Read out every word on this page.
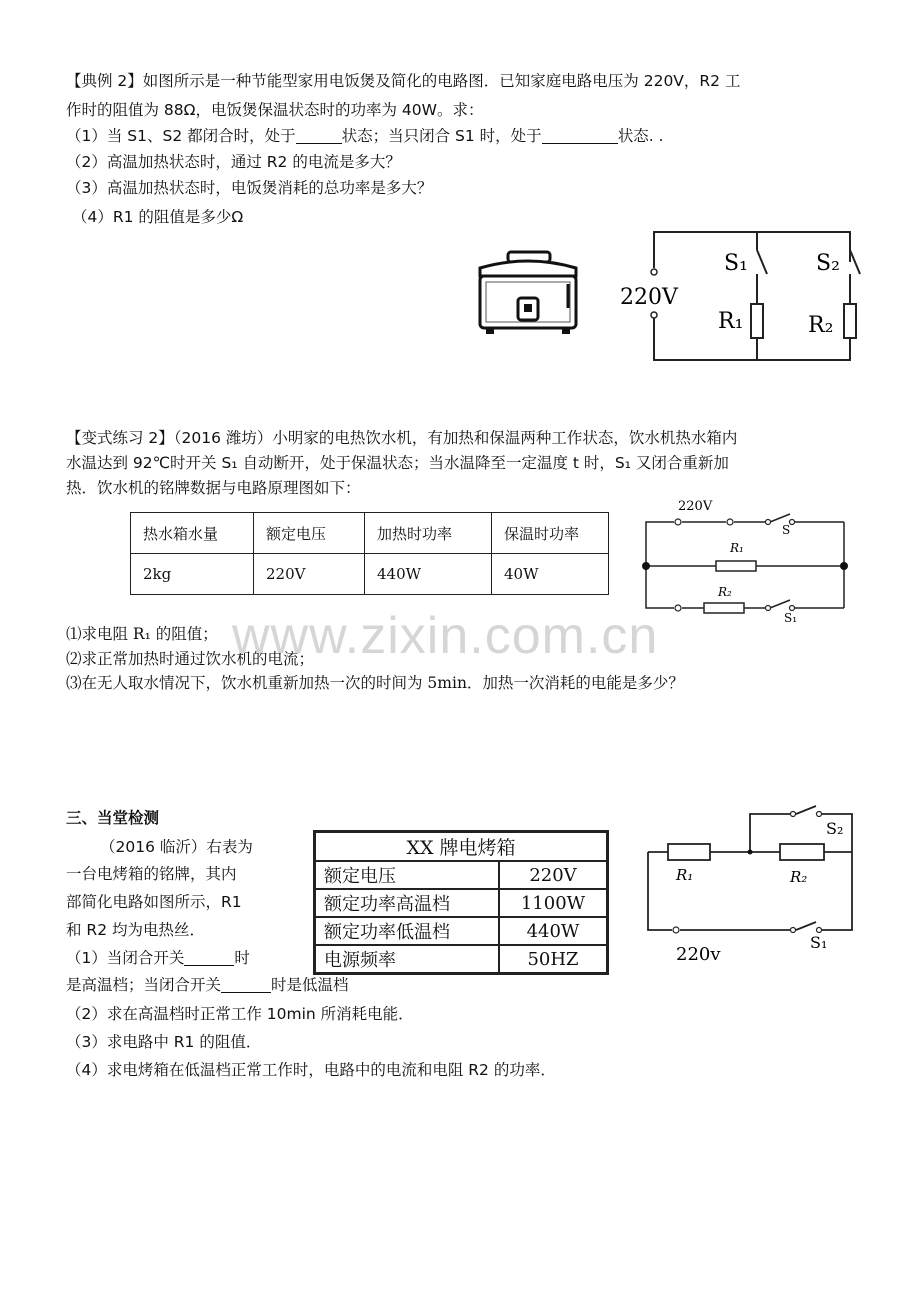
【典例 2】如图所示是一种节能型家用电饭煲及简化的电路图．已知家庭电路电压为 220V，R2 工
作时的阻值为 88Ω，电饭煲保温状态时的功率为 40W。求：
（1）当 S1、S2 都闭合时，处于	状态；当只闭合 S1 时，处于	状态. .
（2）高温加热状态时，通过 R2 的电流是多大？
（3）高温加热状态时，电饭煲消耗的总功率是多大？
（4）R1 的阻值是多少Ω
220V
S₁	S₂
R₁	R₂
【变式练习 2】（2016 潍坊）小明家的电热饮水机，有加热和保温两种工作状态，饮水机热水箱内
水温达到 92℃时开关 S₁ 自动断开，处于保温状态；当水温降至一定温度 t 时，S₁ 又闭合重新加
热．饮水机的铭牌数据与电路原理图如下：
热水箱水量	额定电压	加热时功率	保温时功率
2kg	220V	440W	40W
220V
S
R₁
R₂
S₁
⑴求电阻 R₁ 的阻值；
⑵求正常加热时通过饮水机的电流；
⑶在无人取水情况下，饮水机重新加热一次的时间为 5min．加热一次消耗的电能是多少？
www.zixin.com.cn
三、当堂检测
（2016 临沂）右表为
一台电烤箱的铭牌，其内
部简化电路如图所示，R1
和 R2 均为电热丝．
（1）当闭合开关	时
是高温档；当闭合开关	时是低温档
（2）求在高温档时正常工作 10min 所消耗电能．
（3）求电路中 R1 的阻值．
（4）求电烤箱在低温档正常工作时，电路中的电流和电阻 R2 的功率．
XX 牌电烤箱	
额定电压	220V
额定功率高温档	1100W
额定功率低温档	440W
电源频率	50HZ
S₂
R₁	R₂
S₁
220v
